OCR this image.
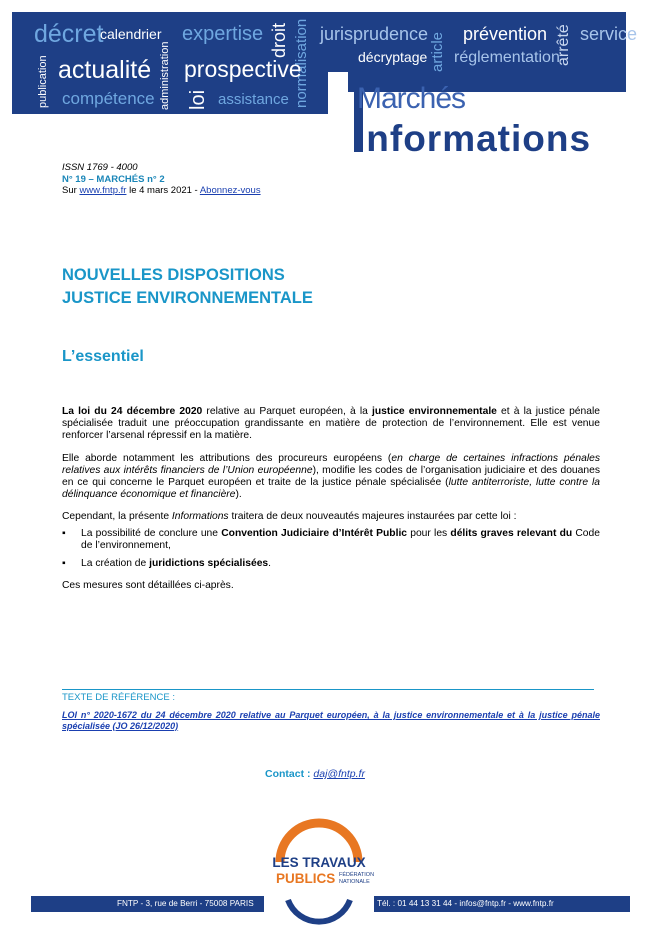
décret
calendrier expertise droit normalisation jurisprudence prévention arrêté service
publication actualité administration prospective	décryptage article réglementation
compétence loi assistance Marchés
Informations
ISSN 1769 - 4000
N° 19 – MARCHÉS n° 2
Sur www.fntp.fr le 4 mars 2021 - Abonnez-vous
NOUVELLES DISPOSITIONS
JUSTICE ENVIRONNEMENTALE
L’essentiel

La loi du 24 décembre 2020 relative au Parquet européen, à la justice environnementale et à la justice pénale spécialisée traduit une préoccupation grandissante en matière de protection de l’environnement. Elle est venue renforcer l’arsenal répressif en la matière.

Elle aborde notamment les attributions des procureurs européens (en charge de certaines infractions pénales relatives aux intérêts financiers de l’Union européenne), modifie les codes de l’organisation judiciaire et des douanes en ce qui concerne le Parquet européen et traite de la justice pénale spécialisée (lutte antiterroriste, lutte contre la délinquance économique et financière).

Cependant, la présente Informations traitera de deux nouveautés majeures instaurées par cette loi :

▪ La possibilité de conclure une Convention Judiciaire d’Intérêt Public pour les délits graves relevant du Code de l’environnement,
▪ La création de juridictions spécialisées.

Ces mesures sont détaillées ci-après.

TEXTE DE RÉFÉRENCE :
LOI n° 2020-1672 du 24 décembre 2020 relative au Parquet européen, à la justice environnementale et à la justice pénale spécialisée (JO 26/12/2020)
Contact : daj@fntp.fr
FNTP - 3, rue de Berri - 75008 PARIS	Tél. : 01 44 13 31 44 - infos@fntp.fr - www.fntp.fr
LES TRAVAUX
PUBLICS FÉDÉRATION
NATIONALE
